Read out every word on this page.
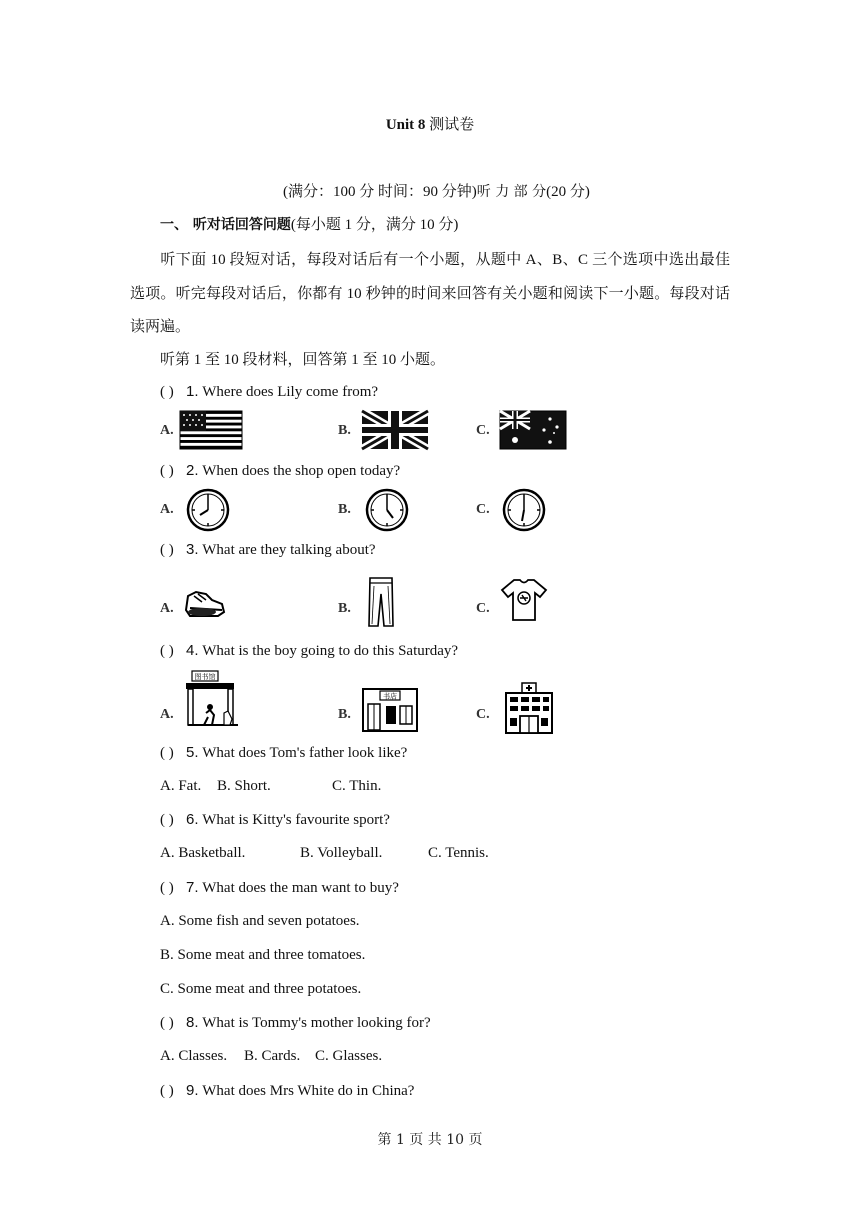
Unit 8 测试卷
(满分：100 分 时间：90 分钟)听 力 部 分(20 分)
一、 听对话回答问题(每小题 1 分，满分 10 分)
听下面 10 段短对话，每段对话后有一个小题，从题中 A、B、C 三个选项中选出最佳选项。听完每段对话后，你都有 10 秒钟的时间来回答有关小题和阅读下一小题。每段对话读两遍。
听第 1 至 10 段材料，回答第 1 至 10 小题。
( ) 1. Where does Lily come from?
A.	B.	C.
( ) 2. When does the shop open today?
A.	B.	C.
( ) 3. What are they talking about?
A.	B.	C.
( ) 4. What is the boy going to do this Saturday?
A.
图书馆
B.
书店
C.
( ) 5. What does Tom's father look like?
A. Fat. B. Short.	C. Thin.
( ) 6. What is Kitty's favourite sport?
A. Basketball.	B. Volleyball.	C. Tennis.
( ) 7. What does the man want to buy?
A. Some fish and seven potatoes.
B. Some meat and three tomatoes.
C. Some meat and three potatoes.
( ) 8. What is Tommy's mother looking for?
A. Classes. B. Cards. C. Glasses.
( ) 9. What does Mrs White do in China?
第 1 页 共 10 页
